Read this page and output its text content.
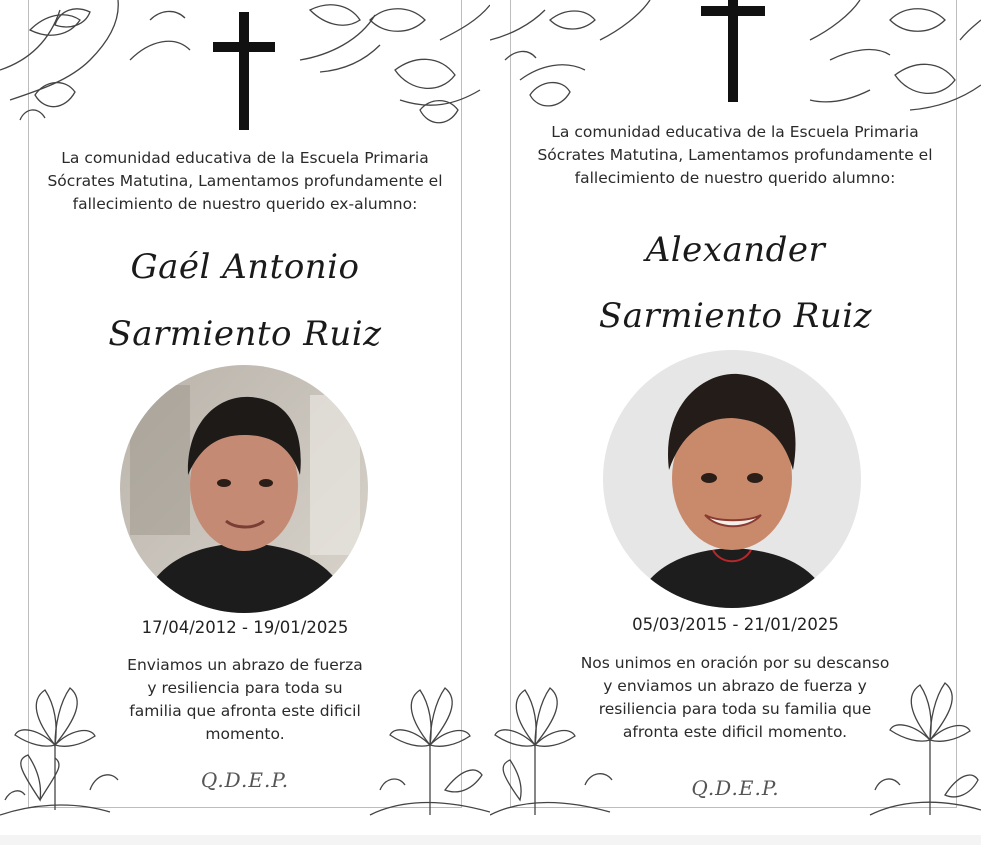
La comunidad educativa de la Escuela Primaria Sócrates Matutina, Lamentamos profundamente el fallecimiento de nuestro querido ex-alumno:
Gaél Antonio
Sarmiento Ruiz
17/04/2012 - 19/01/2025
Enviamos un abrazo de fuerza y resiliencia para toda su familia que afronta este dificil momento.
Q.D.E.P.
La comunidad educativa de la Escuela Primaria Sócrates Matutina, Lamentamos profundamente el fallecimiento de nuestro querido alumno:
Alexander
Sarmiento Ruiz
05/03/2015 - 21/01/2025
Nos unimos en oración por su descanso y enviamos un abrazo de fuerza y resiliencia para toda su familia que afronta este dificil momento.
Q.D.E.P.
